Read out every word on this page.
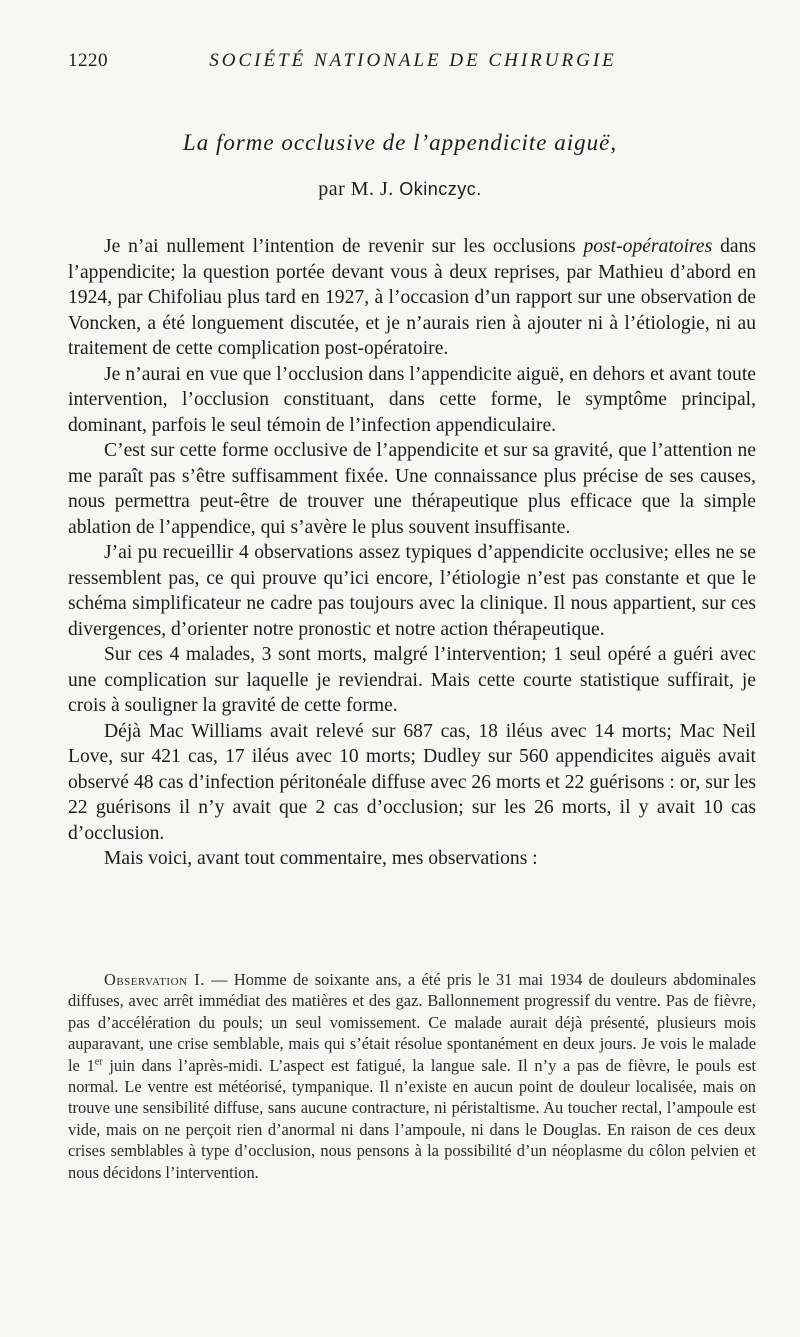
1220	SOCIÉTÉ NATIONALE DE CHIRURGIE
La forme occlusive de l’appendicite aiguë,
par M. J. Okinczyc.

Je n’ai nullement l’intention de revenir sur les occlusions post-opératoires dans l’appendicite; la question portée devant vous à deux reprises, par Mathieu d’abord en 1924, par Chifoliau plus tard en 1927, à l’occasion d’un rapport sur une observation de Voncken, a été longuement discutée, et je n’aurais rien à ajouter ni à l’étiologie, ni au traitement de cette complication post-opératoire.

Je n’aurai en vue que l’occlusion dans l’appendicite aiguë, en dehors et avant toute intervention, l’occlusion constituant, dans cette forme, le symptôme principal, dominant, parfois le seul témoin de l’infection appendiculaire.

C’est sur cette forme occlusive de l’appendicite et sur sa gravité, que l’attention ne me paraît pas s’être suffisamment fixée. Une connaissance plus précise de ses causes, nous permettra peut-être de trouver une thérapeutique plus efficace que la simple ablation de l’appendice, qui s’avère le plus souvent insuffisante.

J’ai pu recueillir 4 observations assez typiques d’appendicite occlusive; elles ne se ressemblent pas, ce qui prouve qu’ici encore, l’étiologie n’est pas constante et que le schéma simplificateur ne cadre pas toujours avec la clinique. Il nous appartient, sur ces divergences, d’orienter notre pronostic et notre action thérapeutique.

Sur ces 4 malades, 3 sont morts, malgré l’intervention; 1 seul opéré a guéri avec une complication sur laquelle je reviendrai. Mais cette courte statistique suffirait, je crois à souligner la gravité de cette forme.

Déjà Mac Williams avait relevé sur 687 cas, 18 iléus avec 14 morts; Mac Neil Love, sur 421 cas, 17 iléus avec 10 morts; Dudley sur 560 appendicites aiguës avait observé 48 cas d’infection péritonéale diffuse avec 26 morts et 22 guérisons : or, sur les 22 guérisons il n’y avait que 2 cas d’occlusion; sur les 26 morts, il y avait 10 cas d’occlusion.

Mais voici, avant tout commentaire, mes observations :

Observation I. — Homme de soixante ans, a été pris le 31 mai 1934 de douleurs abdominales diffuses, avec arrêt immédiat des matières et des gaz. Ballonnement progressif du ventre. Pas de fièvre, pas d’accélération du pouls; un seul vomissement. Ce malade aurait déjà présenté, plusieurs mois auparavant, une crise semblable, mais qui s’était résolue spontanément en deux jours. Je vois le malade le 1er juin dans l’après-midi. L’aspect est fatigué, la langue sale. Il n’y a pas de fièvre, le pouls est normal. Le ventre est météorisé, tympanique. Il n’existe en aucun point de douleur localisée, mais on trouve une sensibilité diffuse, sans aucune contracture, ni péristaltisme. Au toucher rectal, l’ampoule est vide, mais on ne perçoit rien d’anormal ni dans l’ampoule, ni dans le Douglas. En raison de ces deux crises semblables à type d’occlusion, nous pensons à la possibilité d’un néoplasme du côlon pelvien et nous décidons l’intervention.
